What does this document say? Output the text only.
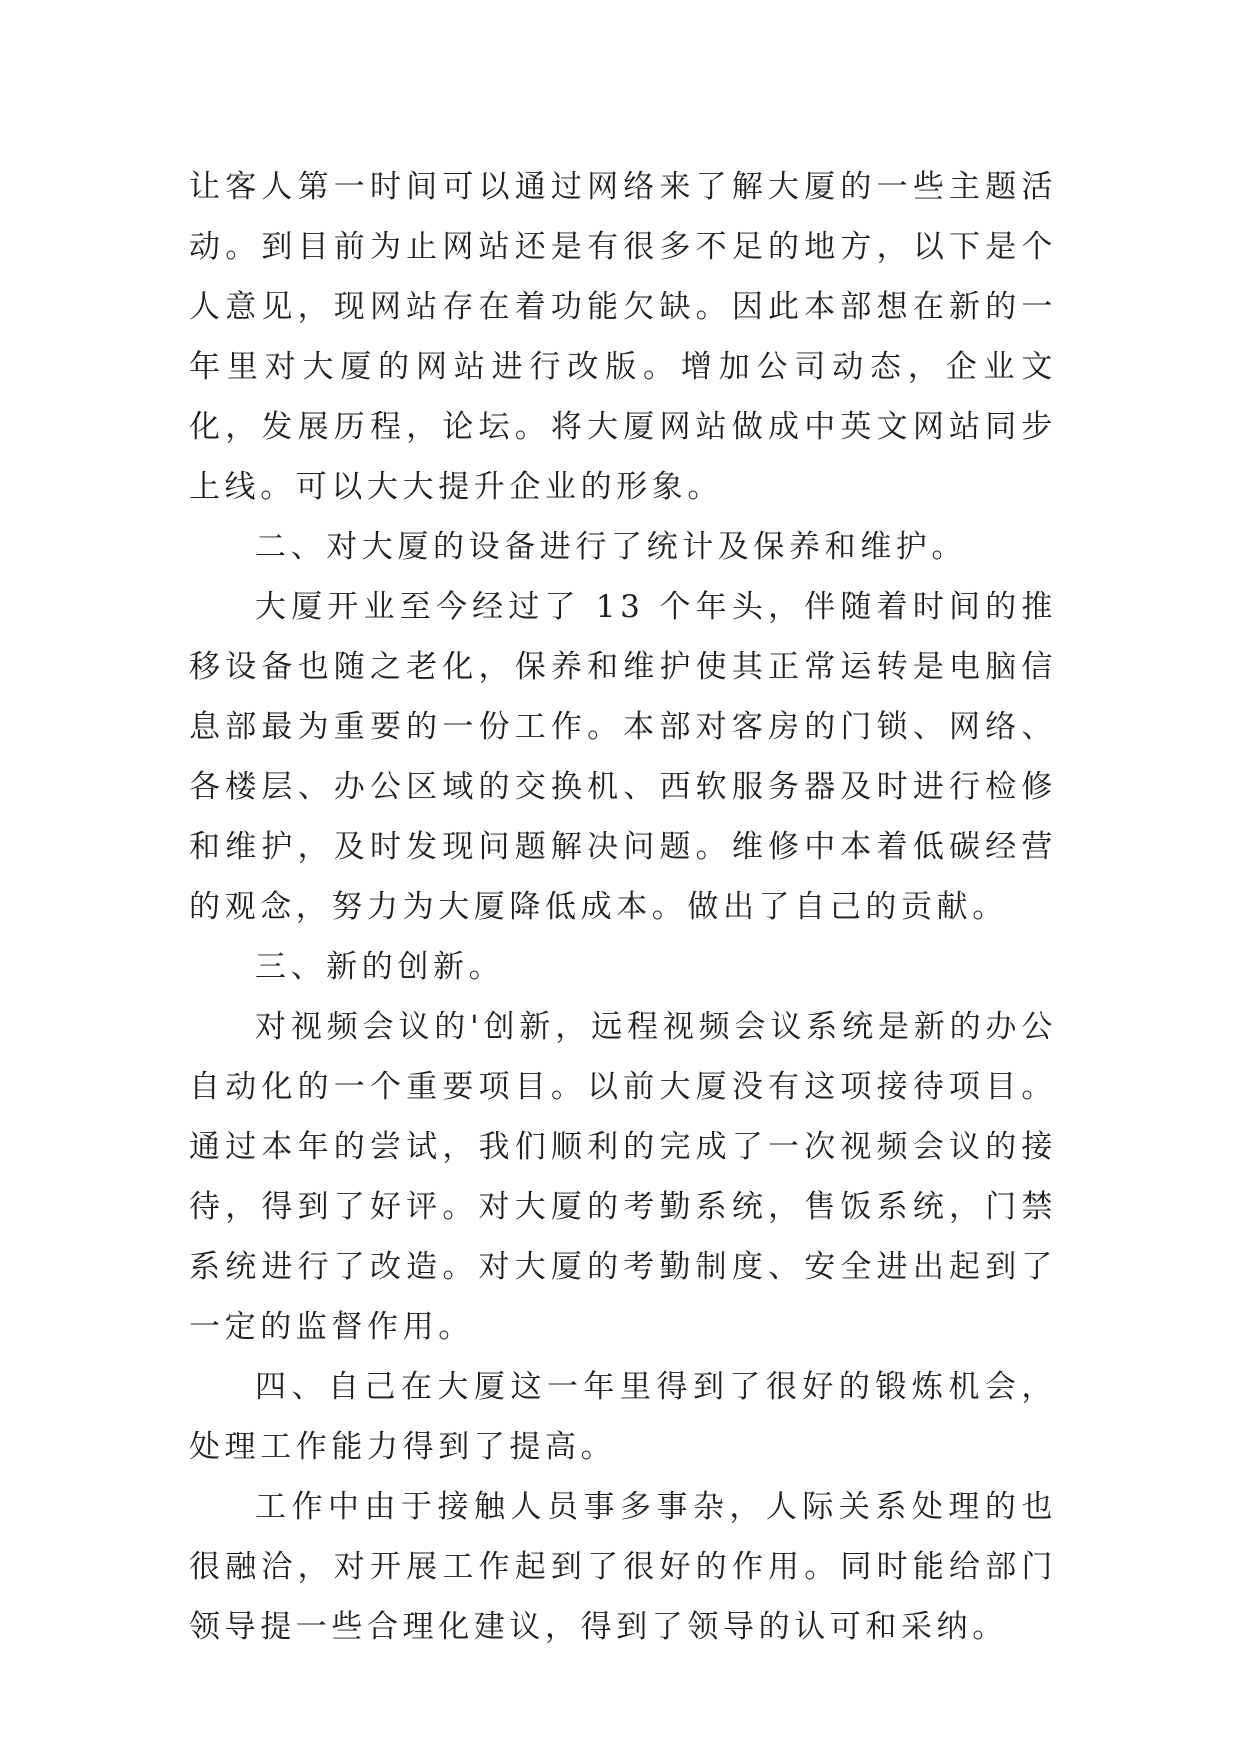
让客人第一时间可以通过网络来了解大厦的一些主题活动。到目前为止网站还是有很多不足的地方，以下是个人意见，现网站存在着功能欠缺。因此本部想在新的一年里对大厦的网站进行改版。增加公司动态，企业文化，发展历程，论坛。将大厦网站做成中英文网站同步上线。可以大大提升企业的形象。

二、对大厦的设备进行了统计及保养和维护。

大厦开业至今经过了 13 个年头，伴随着时间的推移设备也随之老化，保养和维护使其正常运转是电脑信息部最为重要的一份工作。本部对客房的门锁、网络、各楼层、办公区域的交换机、西软服务器及时进行检修和维护，及时发现问题解决问题。维修中本着低碳经营的观念，努力为大厦降低成本。做出了自己的贡献。

三、新的创新。

对视频会议的'创新，远程视频会议系统是新的办公自动化的一个重要项目。以前大厦没有这项接待项目。通过本年的尝试，我们顺利的完成了一次视频会议的接待，得到了好评。对大厦的考勤系统，售饭系统，门禁系统进行了改造。对大厦的考勤制度、安全进出起到了一定的监督作用。

四、自己在大厦这一年里得到了很好的锻炼机会，处理工作能力得到了提高。

工作中由于接触人员事多事杂，人际关系处理的也很融洽，对开展工作起到了很好的作用。同时能给部门领导提一些合理化建议，得到了领导的认可和采纳。
